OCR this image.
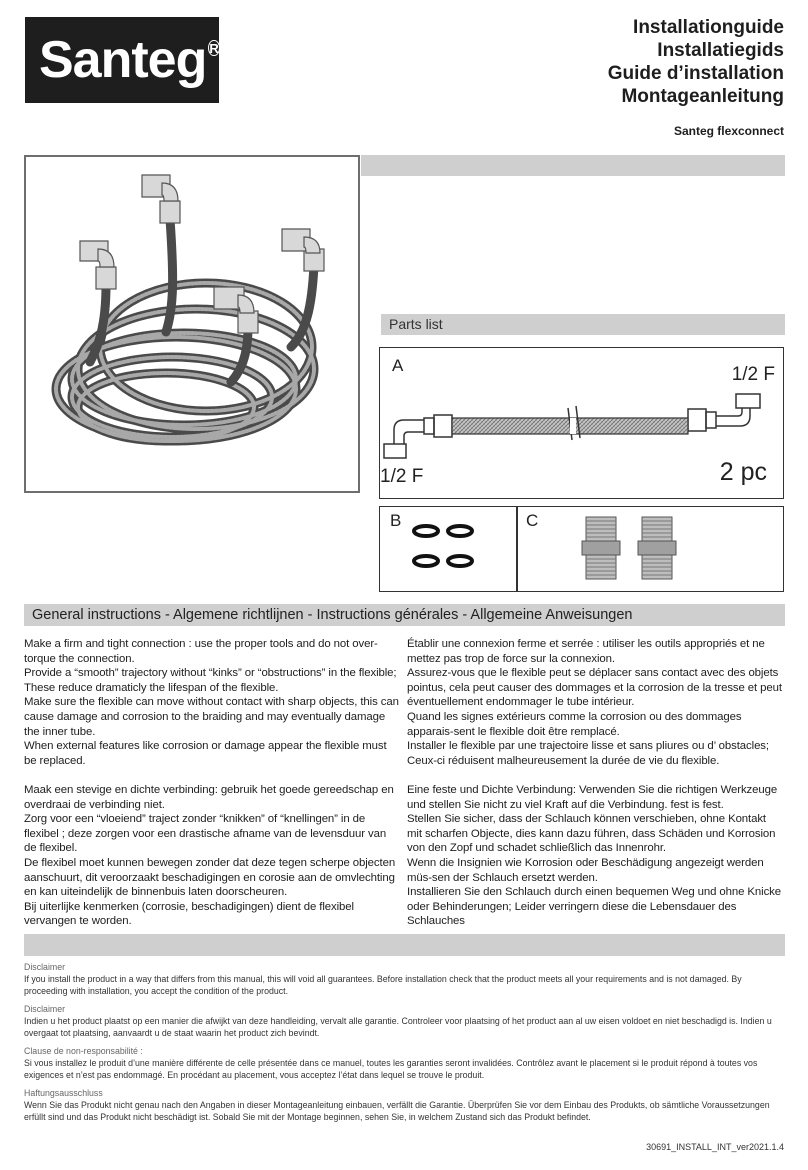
Santeg R
Installationguide
Installatiegids
Guide d’installation
Montageanleitung
Santeg flexconnect
Parts list
A	1/2 F
1/2 F	2 pc
B	C
General instructions - Algemene richtlijnen - Instructions générales - Allgemeine Anweisungen

Make a firm and tight connection : use the proper tools and do not over-torque the connection.

Provide a “smooth” trajectory without “kinks” or “obstructions” in the flexible; These reduce dramaticly the lifespan of the flexible.

Make sure the flexible can move without contact with sharp objects, this can cause damage and corrosion to the braiding and may eventually damage the inner tube.

When external features like corrosion or damage appear the flexible must be replaced.

Maak een stevige en dichte verbinding: gebruik het goede gereedschap en overdraai de verbinding niet.

Zorg voor een “vloeiend” traject zonder “knikken” of “knellingen” in de flexibel ; deze zorgen voor een drastische afname van de levensduur van de flexibel.

De flexibel moet kunnen bewegen zonder dat deze tegen scherpe objecten aanschuurt, dit veroorzaakt beschadigingen en corosie aan de omvlechting en kan uiteindelijk de binnenbuis laten doorscheuren.

Bij uiterlijke kenmerken (corrosie, beschadigingen) dient de flexibel vervangen te worden.

Établir une connexion ferme et serrée : utiliser les outils appropriés et ne mettez pas trop de force sur la connexion.

Assurez-vous que le flexible peut se déplacer sans contact avec des objets pointus, cela peut causer des dommages et la corrosion de la tresse et peut éventuellement endommager le tube intérieur.

Quand les signes extérieurs comme la corrosion ou des dommages apparais-sent le flexible doit être remplacé.

Installer le flexible par une trajectoire lisse et sans pliures ou d’ obstacles; Ceux-ci réduisent malheureusement la durée de vie du flexible.

Eine feste und Dichte Verbindung: Verwenden Sie die richtigen Werkzeuge und stellen Sie nicht zu viel Kraft auf die Verbindung. fest is fest.

Stellen Sie sicher, dass der Schlauch können verschieben, ohne Kontakt mit scharfen Objecte, dies kann dazu führen, dass Schäden und Korrosion von den Zopf und schadet schließlich das Innenrohr.

Wenn die Insignien wie Korrosion oder Beschädigung angezeigt werden müs-sen der Schlauch ersetzt werden.

Installieren Sie den Schlauch durch einen bequemen Weg und ohne Knicke oder Behinderungen; Leider verringern diese die Lebensdauer des Schlauches

Disclaimer
If you install the product in a way that differs from this manual, this will void all guarantees. Before installation check that the product meets all your requirements and is not damaged. By proceeding with installation, you accept the condition of the product.
Disclaimer
Indien u het product plaatst op een manier die afwijkt van deze handleiding, vervalt alle garantie. Controleer voor plaatsing of het product aan al uw eisen voldoet en niet beschadigd is. Indien u overgaat tot plaatsing, aanvaardt u de staat waarin het product zich bevindt.
Clause de non-responsabilité :
Si vous installez le produit d’une manière différente de celle présentée dans ce manuel, toutes les garanties seront invalidées. Contrôlez avant le placement si le produit répond à toutes vos exigences et n’est pas endommagé. En procédant au placement, vous acceptez l’état dans lequel se trouve le produit.
Haftungsausschluss
Wenn Sie das Produkt nicht genau nach den Angaben in dieser Montageanleitung einbauen, verfällt die Garantie. Überprüfen Sie vor dem Einbau des Produkts, ob sämtliche Voraussetzungen erfüllt sind und das Produkt nicht beschädigt ist. Sobald Sie mit der Montage beginnen, sehen Sie, in welchem Zustand sich das Produkt befindet.
30691_INSTALL_INT_ver2021.1.4
